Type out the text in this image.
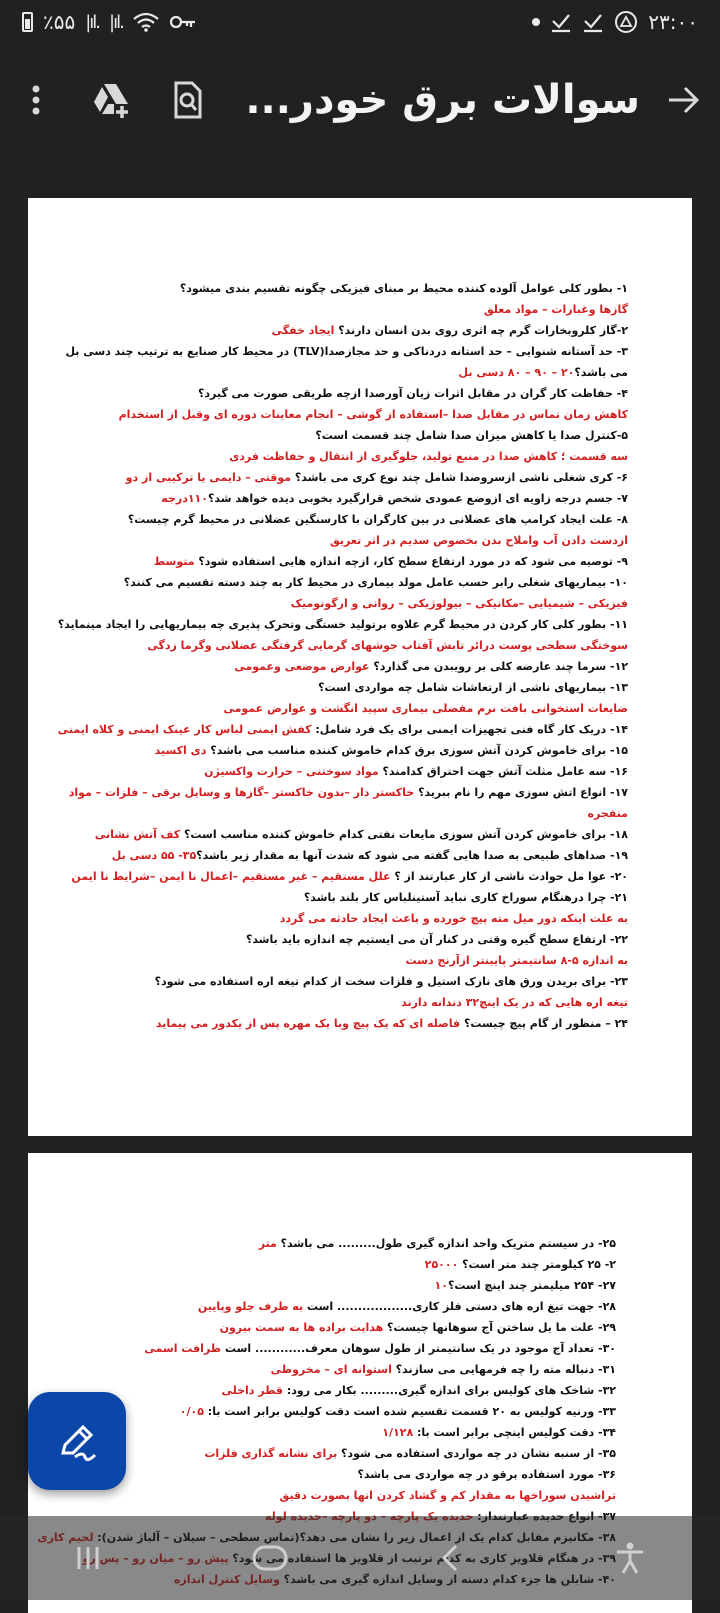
٪۵۵ |ıl. |ıl.	۲۳:۰۰
سوالات برق خودر...

۱- بطور کلی عوامل آلوده کننده محیط بر مبنای فیزیکی چگونه تقسیم بندی میشود؟

گازها وغبارات – مواد معلق

۲-گاز کلروبخارات گرم چه اثری روی بدن انسان دارند؟ ایجاد خفگی

۳- حد آستانه شنوایی – حد استانه دردناکی و حد مجازصدا(TLV) در محیط کار صنایع به ترتیب چند دسی بل

می باشد؟۲۰ – ۹۰ – ۸۰ دسی بل

۴- حفاظت کار گران در مقابل اثرات زیان آورصدا ازچه طریقی صورت می گیرد؟

کاهش زمان تماس در مقابل صدا –استفاده از گوشی – انجام معاینات دوره ای وقبل از استخدام

۵-کنترل صدا یا کاهش میزان صدا شامل چند قسمت است؟

سه قسمت ؛ کاهش صدا در منبع تولید، جلوگیری از انتقال و حفاظت فردی

۶- کری شغلی ناشی ازسروصدا شامل چند نوع کری می باشد؟ موقتی – دایمی یا ترکیبی از دو

۷- جسم درجه زاویه ای ازوضع عمودی شخص قرارگیرد بخوبی دیده خواهد شد؟۱۱۰درجه

۸- علت ایجاد کرامپ های عضلانی در بین کارگران با کارسنگین عضلانی در محیط گرم چیست؟

ازدست دادن آب واملاح بدن بخصوص سدیم در اثر تعریق

۹- توصیه می شود که در مورد ارتفاع سطح کار، ازچه اندازه هایی استفاده شود؟ متوسط

۱۰- بیماریهای شغلی رابر حسب عامل مولد بیماری در محیط کار به چند دسته تقسیم می کنند؟

فیزیکی – شیمیایی –مکانیکی – بیولوژیکی – روانی و ارگونومیک

۱۱- بطور کلی کار کردن در محیط گرم علاوه برتولید خستگی وتحرک پذیری چه بیماریهایی را ایجاد مینماید؟

سوختگی سطحی پوست درائر تابش آفتاب جوشهای گرمایی گرفتگی عضلانی وگرما زدگی

۱۲- سرما چند عارضه کلی بر رویبدن می گذارد؟ عوارض موضعی وعمومی

۱۳- بیماریهای ناشی از ارتعاشات شامل چه مواردی است؟

ضایعات استخوانی بافت نرم مفصلی بیماری سپید انگشت و عوارض عمومی

۱۴- دریک کار گاه فنی تجهیزات ایمنی برای یک فرد شامل: کفش ایمنی لباس کار عینک ایمنی و کلاه ایمنی

۱۵- برای خاموش کردن آتش سوزی برق کدام خاموش کننده مناسب می باشد؟ دی اکسید

۱۶- سه عامل مثلث آتش جهت احتراق کدامند؟ مواد سوختنی – حرارت واکسیژن

۱۷- انواع اتش سوزی مهم را نام ببرید؟ خاکستر دار –بدون خاکستر –گازها و وسایل برقی – فلزات – مواد

منفجره

۱۸- برای خاموش کردن آتش سوزی مایعات نفتی کدام خاموش کننده مناسب است؟ کف آتش نشانی

۱۹- صداهای طبیعی به صدا هایی گفته می شود که شدت آنها به مقدار زیر باشد؟۳۵- ۵۵ دسی بل

۲۰- عوا مل حوادث ناشی از کار عبارتند از ؟ علل مستقیم – غیر مستقیم –اعمال نا ایمن –شرایط نا ایمن

۲۱- چرا درهنگام سوراخ کاری نباید آستینلباس کار بلند باشد؟

به علت اینکه دور میل مته پیچ خورده و باعث ایجاد حادثه می گردد

۲۲- ارتفاع سطح گیره وقتی در کنار آن می ایستیم چه اندازه باید باشد؟

به اندازه ۵-۸ سانتیمتر پایینتر ازآرنج دست

۲۳- برای بریدن ورق های نازک استیل و فلزات سخت از کدام تیغه اره استفاده می شود؟

تیغه اره هایی که در یک اینچ۳۲ دندانه دارند

۲۴ – منظور از گام پیچ چیست؟ فاصله ای که یک پیچ وبا یک مهره پس از یکدور می پیماید

۲۵- در سیستم متریک واحد اندازه گیری طول......... می باشد؟ متر

۲- ۲۵ کیلومتر چند متر است؟ ۲۵۰۰۰

۲۷- ۲۵۴ میلیمتر چند اینچ است؟۱۰

۲۸- جهت تیغ اره های دستی فلز کاری.................. است به طرف جلو وپایین

۲۹- علت ما یل ساختن آج سوهانها چیست؟ هدایت براده ها به سمت بیرون

۳۰- تعداد آج موجود در یک سانتیمتر از طول سوهان معرف............ است ظرافت اسمی

۳۱- دنباله مته را چه فرمهایی می سازند؟ استوانه ای – مخروطی

۳۲- شاخک های کولیس برای اندازه گیری......... بکار می رود: قطر داخلی

۳۳- ورنیه کولیس به ۲۰ قسمت تقسیم شده است دقت کولیس برابر است با: ۰/۰۵

۳۴- دقت کولیس اینچی برابر است با: ۱/۱۲۸

۳۵- از سنبه نشان در چه مواردی استفاده می شود؟ برای نشانه گذاری فلزات

۳۶- مورد استفاده برقو در چه مواردی می باشد؟

تراشیدن سوراخها به مقدار کم و گشاد کردن انها بصورت دقیق
